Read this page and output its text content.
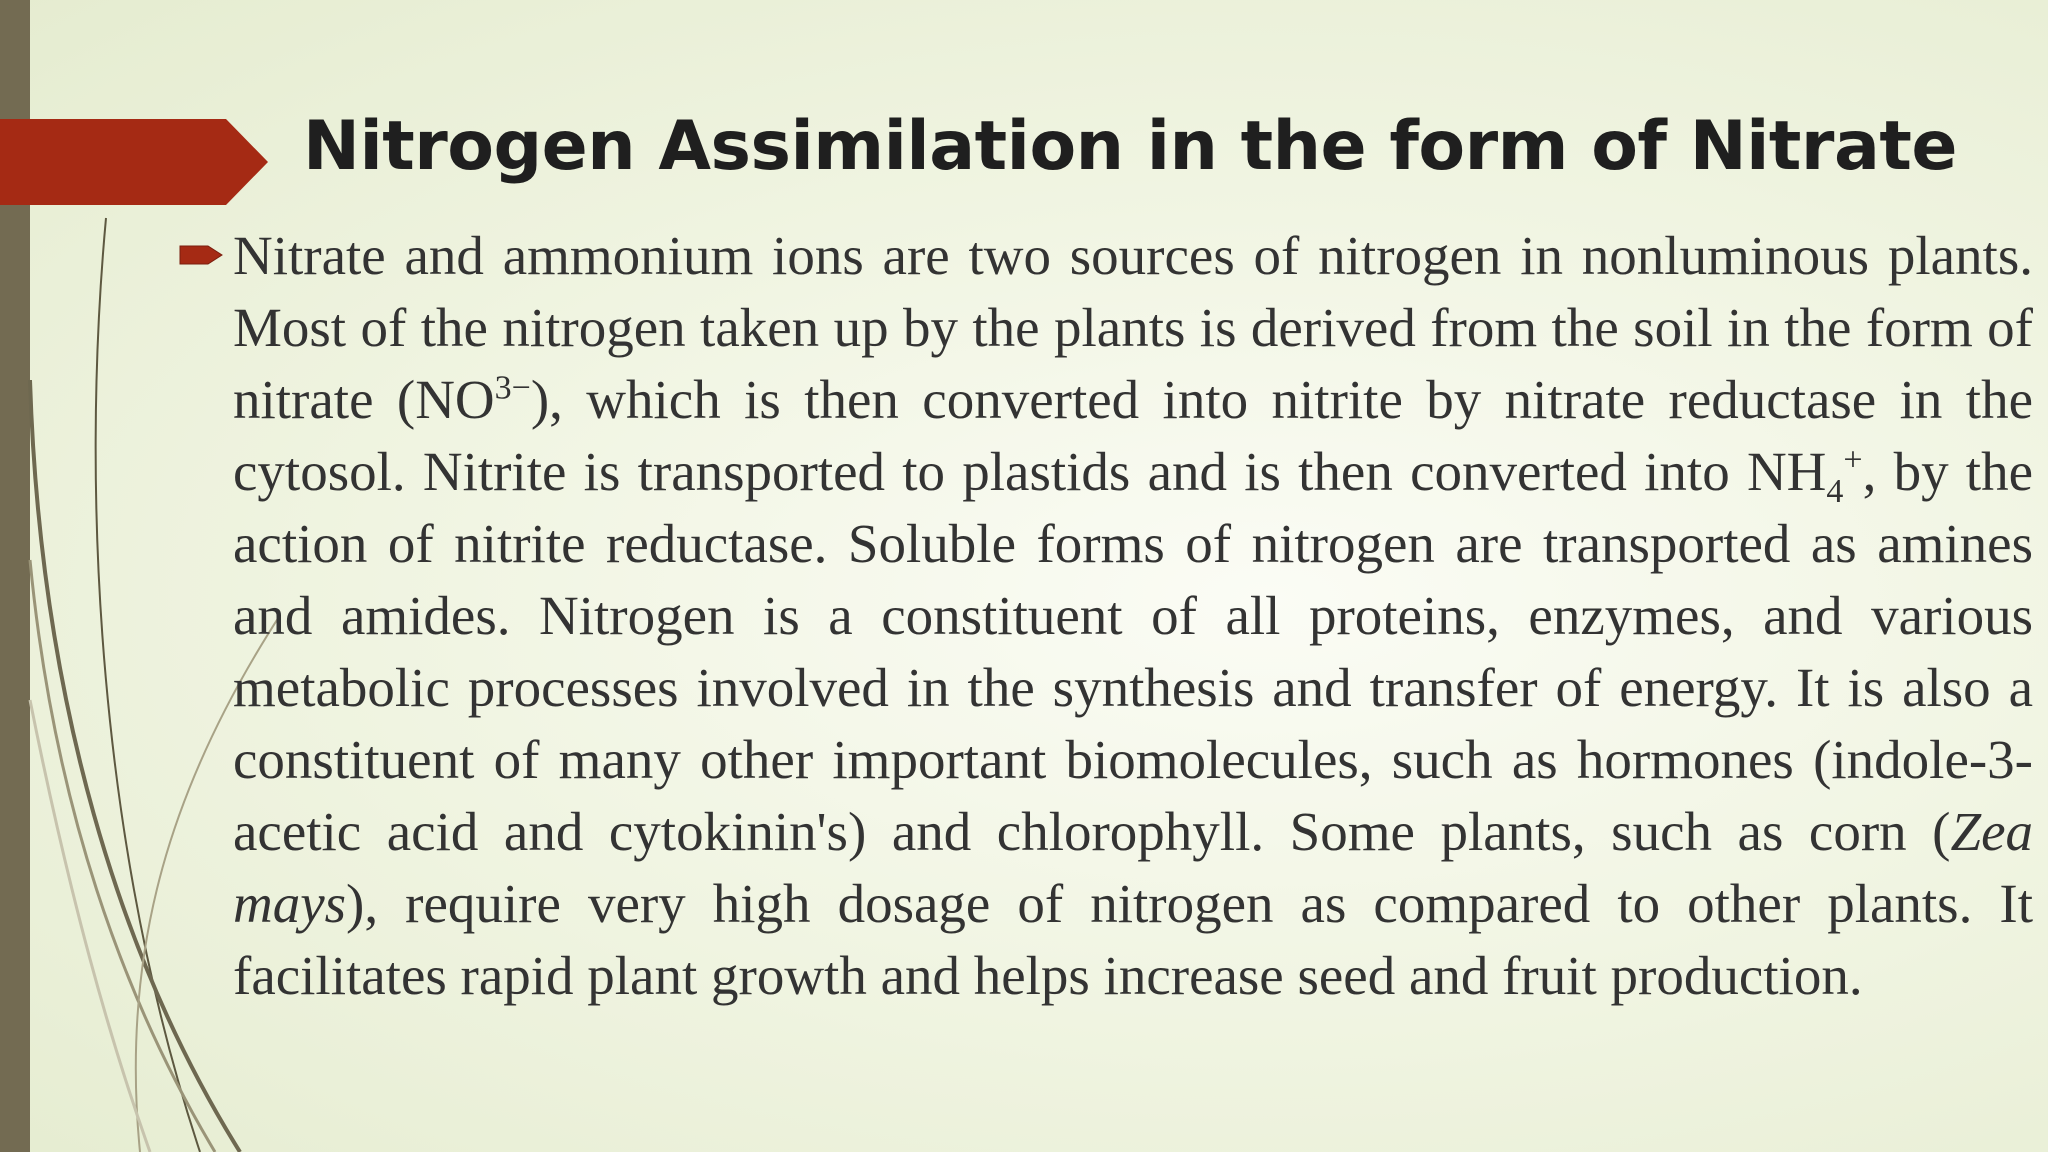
Nitrogen Assimilation in the form of Nitrate

Nitrate and ammonium ions are two sources of nitrogen in nonluminous plants. Most of the nitrogen taken up by the plants is derived from the soil in the form of nitrate $(NO^{3-})$, which is then converted into nitrite by nitrate reductase in the cytosol. Nitrite is transported to plastids and is then converted into $NH_4^+$, by the action of nitrite reductase. Soluble forms of nitrogen are transported as amines and amides. Nitrogen is a constituent of all proteins, enzymes, and various metabolic processes involved in the synthesis and transfer of energy. It is also a constituent of many other important biomolecules, such as hormones (indole-3-acetic acid and cytokinin's) and chlorophyll. Some plants, such as corn (Zea mays), require very high dosage of nitrogen as compared to other plants. It facilitates rapid plant growth and helps increase seed and fruit production.
